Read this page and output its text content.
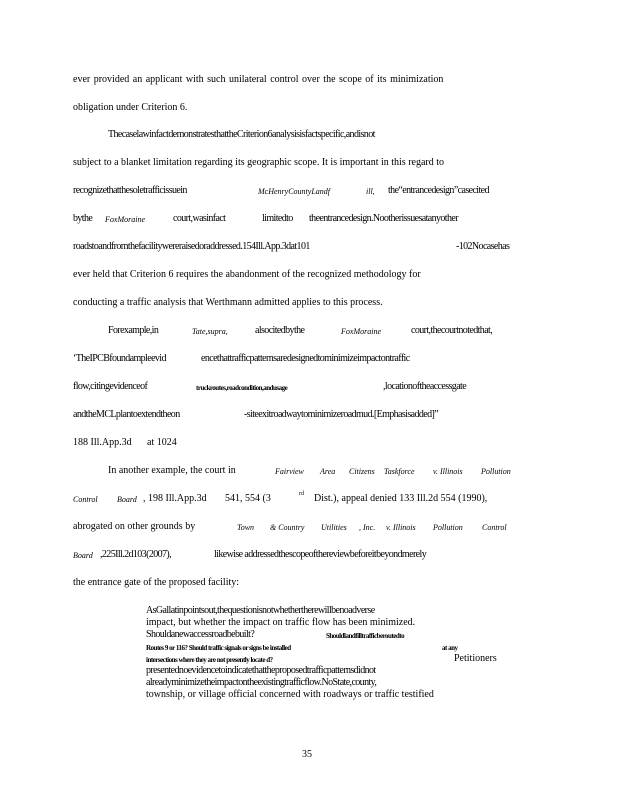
ever provided an applicant with such unilateral control over the scope of its minimization
obligation under Criterion 6.
ThecaselawinfactdemonstratesthattheCriterion6analysisisfactspecific,andisnot
subject to a blanket limitation regarding its geographic scope. It is important in this regard to
recognizethatthesoletrafficissuein	McHenryCountyLandf	ill, the“entrancedesign”casecited
bythe FoxMoraine	court,wasinfact	limitedto theentrancedesign.Nootherissuesatanyother
roadstoandfromthefacilitywereraisedoraddressed.154Ill.App.3dat101	-102Nocasehas
ever held that Criterion 6 requires the abandonment of the recognized methodology for
conducting a traffic analysis that Werthmann admitted applies to this process.
Forexample,in	Tate,supra,	alsocitedbythe	FoxMoraine	court,thecourtnotedthat,
‘TheIPCBfoundampleevid	encethattrafficpatternsaredesignedtominimizeimpactontraffic
flow,citingevidenceof	truckroutes,roadcondition,andusage	,locationoftheaccessgate
andtheMCLplantoextendtheon	-siteexitroadwaytominimizeroadmud.[Emphasisadded]”
188 Ill.App.3d at 1024
In another example, the court in	Fairview Area Citizens Taskforce v. Illinois Pollution
Control Board , 198 Ill.App.3d 541, 554 (3	rd Dist.), appeal denied 133 Ill.2d 554 (1990),
abrogated on other grounds by	Town & Country Utilities , Inc. v. Illinois Pollution Control
Board ,225Ill.2d103(2007),	likewise addressedthescopeofthereviewbeforeitbeyondmerely
the entrance gate of the proposed facility:
AsGallatinpointsout,thequestionisnotwhethertherewillbenoadverse
impact, but whether the impact on traffic flow has been minimized.
Shouldanewaccessroadbebuilt?	Shouldlandfilltrafficberoutedto
Routes 9 or 116? Should traffic signals or signs be installed	at any
intersections where they are not presently locate d?	Petitioners
presentednoevidencetoindicatethattheproposedtrafficpatternsdidnot
alreadyminimizetheimpactontheexistingtrafficflow.NoState,county,
township, or village official concerned with roadways or traffic testified
35
